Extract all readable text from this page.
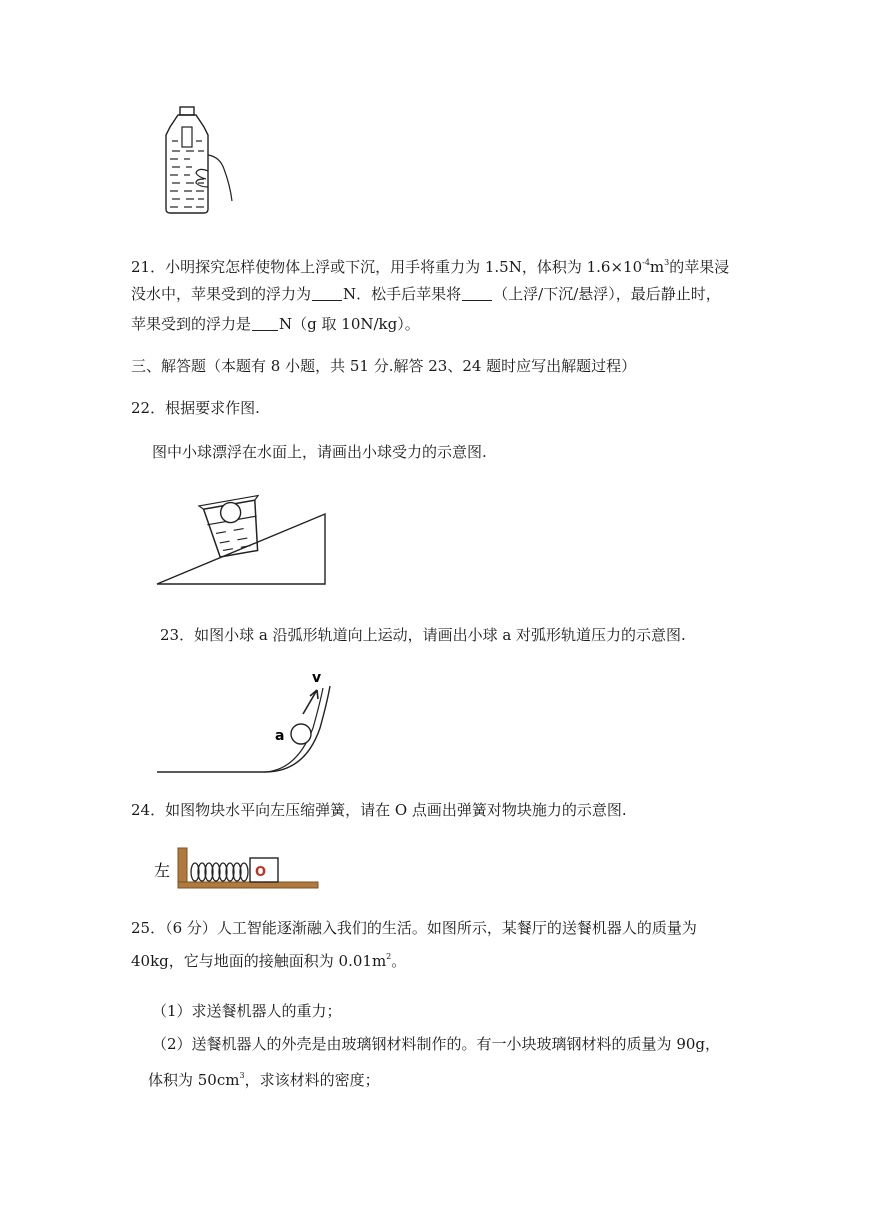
21．小明探究怎样使物体上浮或下沉，用手将重力为 1.5N，体积为 $1.6\times 10^{-4}m^3$的苹果浸
没水中，苹果受到的浮力为 N．松手后苹果将 （上浮/下沉/悬浮），最后静止时，
苹果受到的浮力是 N（g 取 10N/kg）。
三、解答题（本题有 8 小题，共 51 分.解答 23、24 题时应写出解题过程）
22．根据要求作图.
图中小球漂浮在水面上，请画出小球受力的示意图.
23．如图小球 a 沿弧形轨道向上运动，请画出小球 a 对弧形轨道压力的示意图.
v
a
24．如图物块水平向左压缩弹簧，请在 O 点画出弹簧对物块施力的示意图.
左	O
25．（6 分）人工智能逐渐融入我们的生活。如图所示，某餐厅的送餐机器人的质量为
40kg，它与地面的接触面积为 $0.01m^2$。
（1）求送餐机器人的重力；
（2）送餐机器人的外壳是由玻璃钢材料制作的。有一小块玻璃钢材料的质量为 90g，
体积为 $50cm^3$，求该材料的密度；
